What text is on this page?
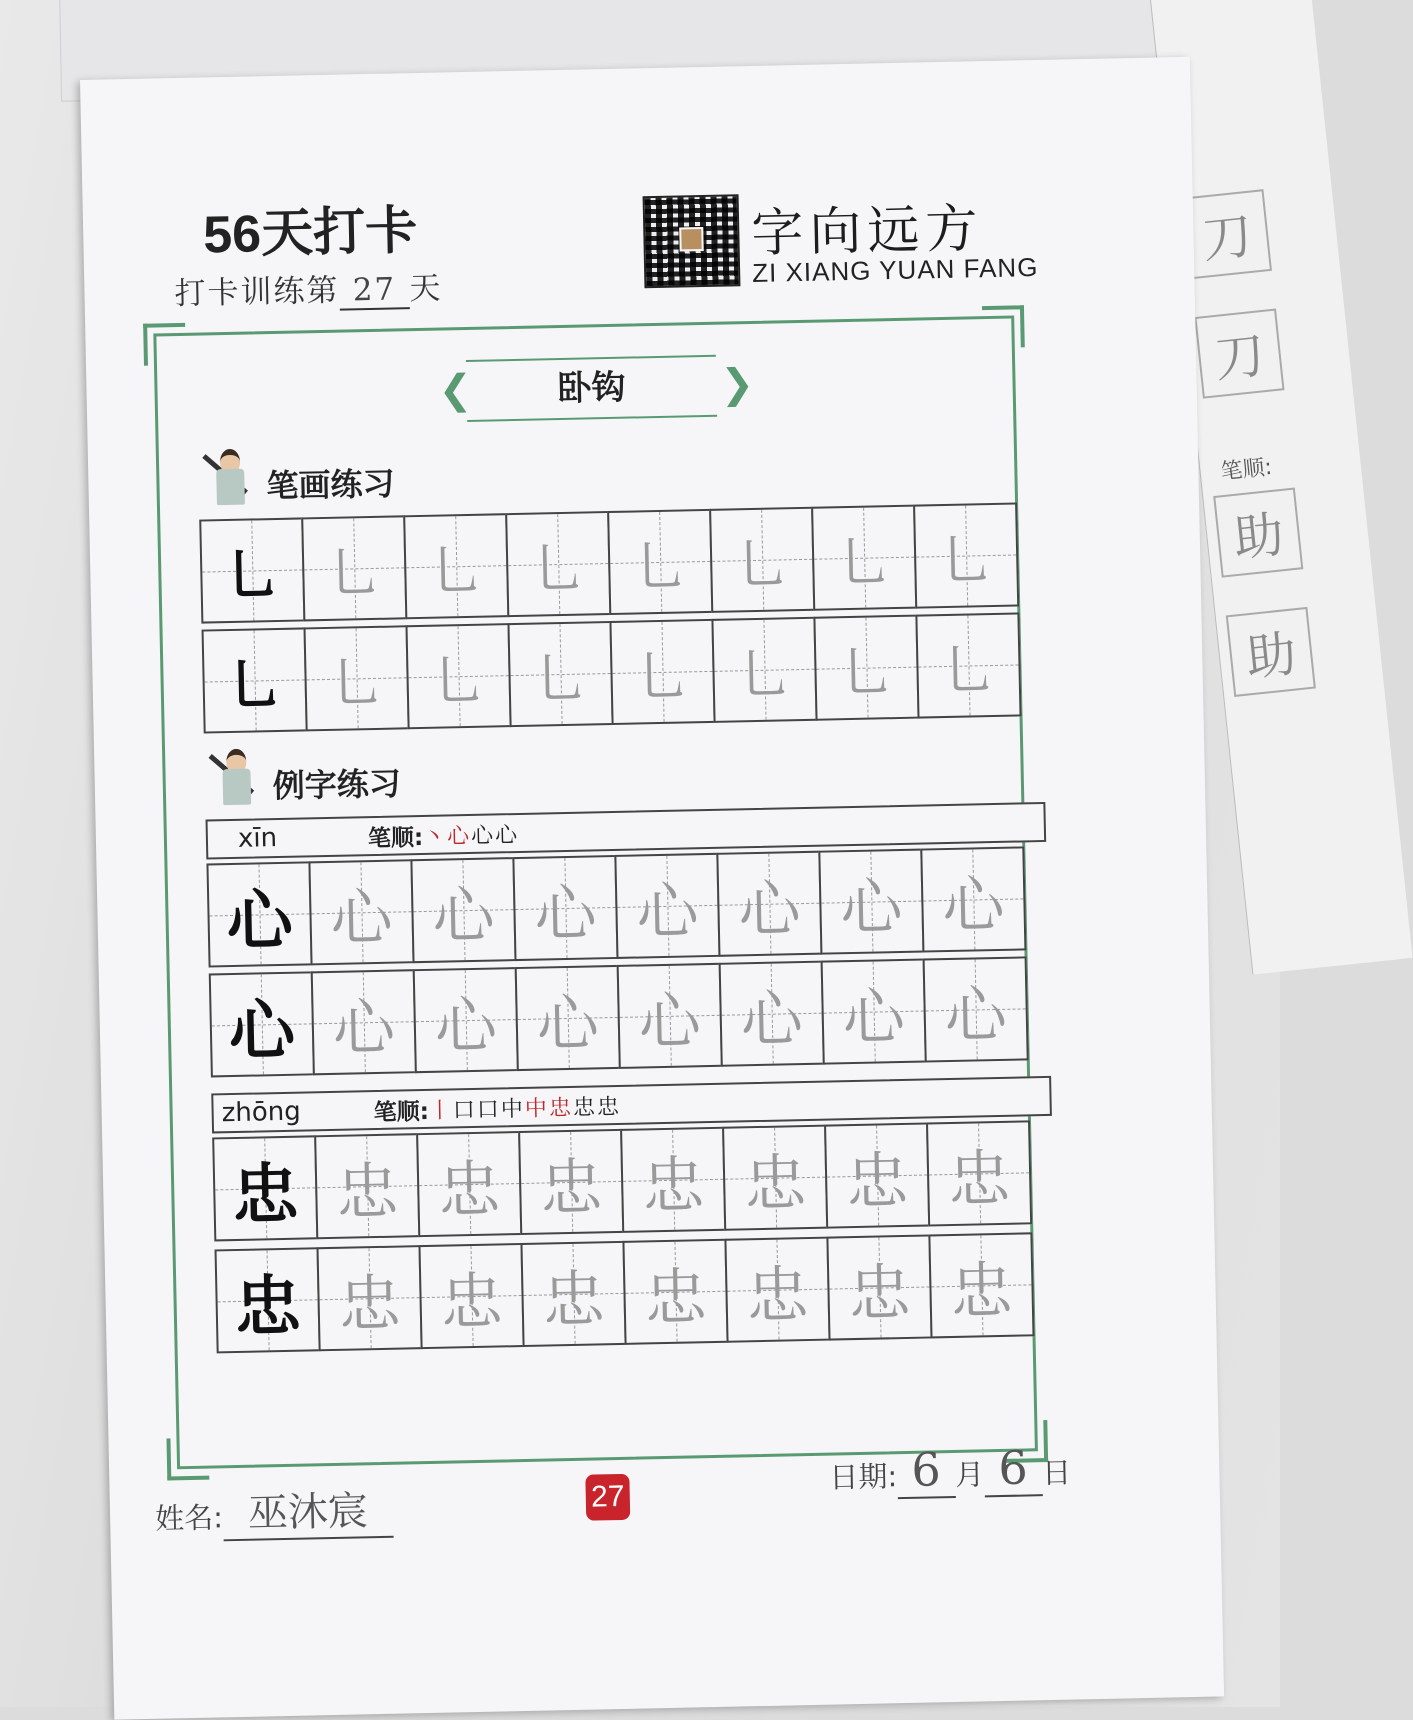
刀
刀
笔顺:
助
助
56天打卡
打卡训练第 27 天
字向远方
ZI XIANG YUAN FANG
❮	卧钩	❯
笔画练习
乚 乚 乚 乚 乚 乚 乚 乚
乚 乚 乚 乚 乚 乚 乚 乚
例字练习
xīn	笔顺: 丶心心心
心 心 心 心 心 心 心 心
心 心 心 心 心 心 心 心
zhōng	笔顺: 丨口口中中忠忠忠
忠 忠 忠 忠 忠 忠 忠 忠
忠 忠 忠 忠 忠 忠 忠 忠
姓名: 巫沐宸	27
日期: 6 月 6 日
